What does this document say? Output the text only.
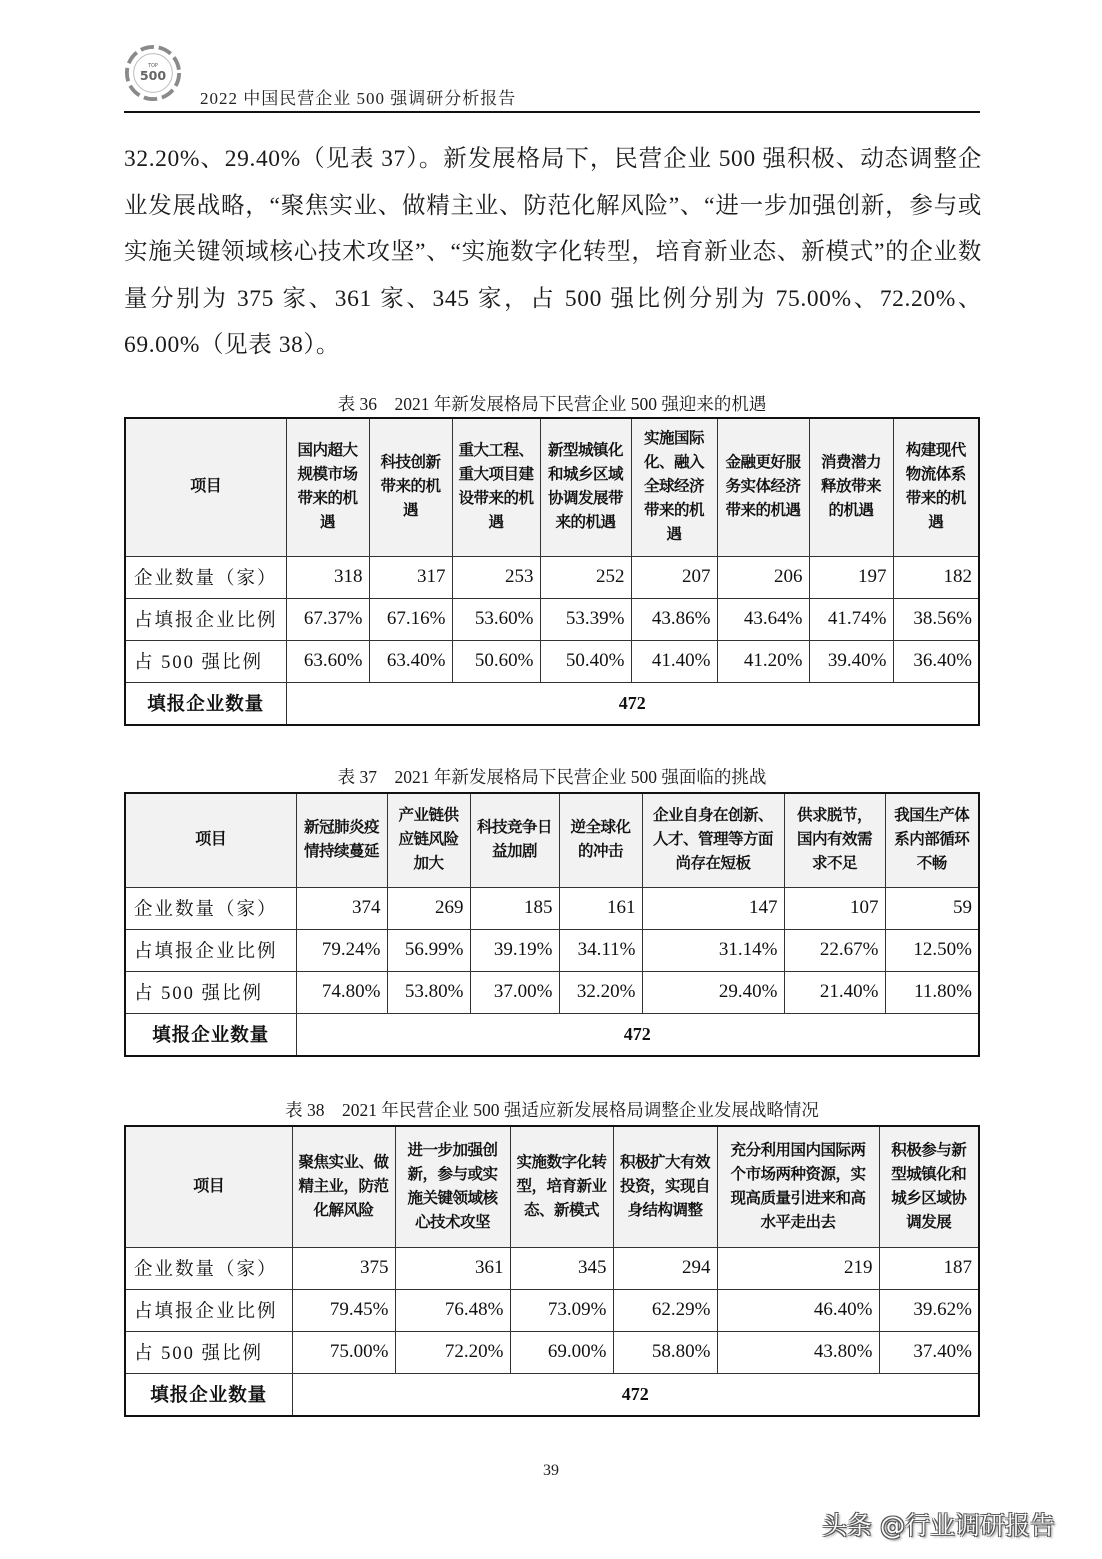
TOP
500
2022 中国民营企业 500 强调研分析报告

32.20%、29.40%（见表 37）。新发展格局下，民营企业 500 强积极、动态调整企业发展战略，“聚焦实业、做精主业、防范化解风险”、“进一步加强创新，参与或实施关键领域核心技术攻坚”、“实施数字化转型，培育新业态、新模式”的企业数量分别为 375 家、361 家、345 家，占 500 强比例分别为 75.00%、72.20%、69.00%（见表 38）。

表 36　2021 年新发展格局下民营企业 500 强迎来的机遇
项目	国内超大规模市场带来的机遇	科技创新带来的机遇	重大工程、重大项目建设带来的机遇	新型城镇化和城乡区域协调发展带来的机遇	实施国际化、融入全球经济带来的机遇	金融更好服务实体经济带来的机遇	消费潜力释放带来的机遇	构建现代物流体系带来的机遇
企业数量（家）	318	317	253	252	207	206	197	182
占填报企业比例	67.37%	67.16%	53.60%	53.39%	43.86%	43.64%	41.74%	38.56%
占 500 强比例	63.60%	63.40%	50.60%	50.40%	41.40%	41.20%	39.40%	36.40%
填报企业数量	472							
表 37　2021 年新发展格局下民营企业 500 强面临的挑战
项目	新冠肺炎疫情持续蔓延	产业链供应链风险加大	科技竞争日益加剧	逆全球化的冲击	企业自身在创新、人才、管理等方面尚存在短板	供求脱节，国内有效需求不足	我国生产体系内部循环不畅
企业数量（家）	374	269	185	161	147	107	59
占填报企业比例	79.24%	56.99%	39.19%	34.11%	31.14%	22.67%	12.50%
占 500 强比例	74.80%	53.80%	37.00%	32.20%	29.40%	21.40%	11.80%
填报企业数量	472						
表 38　2021 年民营企业 500 强适应新发展格局调整企业发展战略情况
项目	聚焦实业、做精主业，防范化解风险	进一步加强创新，参与或实施关键领域核心技术攻坚	实施数字化转型，培育新业态、新模式	积极扩大有效投资，实现自身结构调整	充分利用国内国际两个市场两种资源，实现高质量引进来和高水平走出去	积极参与新型城镇化和城乡区域协调发展
企业数量（家）	375	361	345	294	219	187
占填报企业比例	79.45%	76.48%	73.09%	62.29%	46.40%	39.62%
占 500 强比例	75.00%	72.20%	69.00%	58.80%	43.80%	37.40%
填报企业数量	472					
39
头条 @行业调研报告
